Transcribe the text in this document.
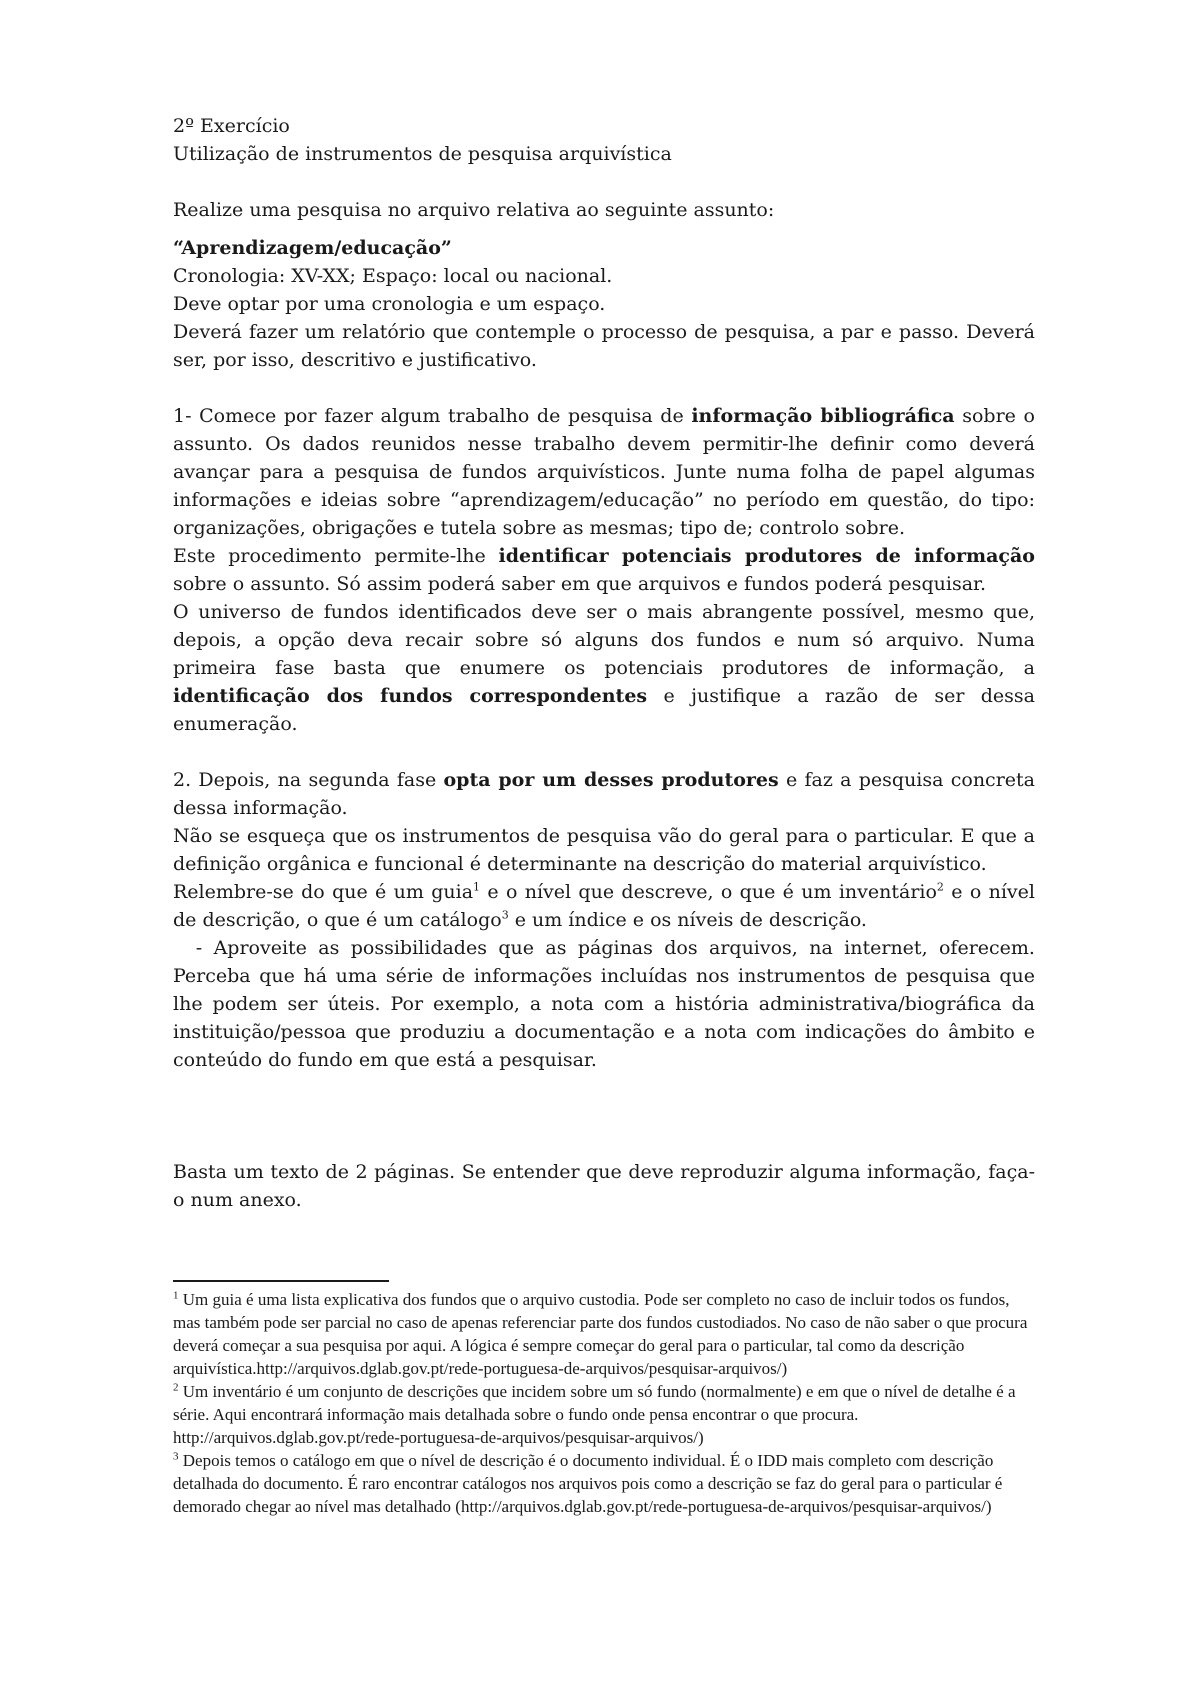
2º Exercício
Utilização de instrumentos de pesquisa arquivística
Realize uma pesquisa no arquivo relativa ao seguinte assunto:
“Aprendizagem/educação”
Cronologia: XV-XX; Espaço: local ou nacional.
Deve optar por uma cronologia e um espaço.

Deverá fazer um relatório que contemple o processo de pesquisa, a par e passo. Deverá ser, por isso, descritivo e justificativo.

1- Comece por fazer algum trabalho de pesquisa de informação bibliográfica sobre o assunto. Os dados reunidos nesse trabalho devem permitir-lhe definir como deverá avançar para a pesquisa de fundos arquivísticos. Junte numa folha de papel algumas informações e ideias sobre “aprendizagem/educação” no período em questão, do tipo: organizações, obrigações e tutela sobre as mesmas; tipo de; controlo sobre.

Este procedimento permite-lhe identificar potenciais produtores de informação sobre o assunto. Só assim poderá saber em que arquivos e fundos poderá pesquisar.

O universo de fundos identificados deve ser o mais abrangente possível, mesmo que, depois, a opção deva recair sobre só alguns dos fundos e num só arquivo. Numa primeira fase basta que enumere os potenciais produtores de informação, a identificação dos fundos correspondentes e justifique a razão de ser dessa enumeração.

2. Depois, na segunda fase opta por um desses produtores e faz a pesquisa concreta dessa informação.

Não se esqueça que os instrumentos de pesquisa vão do geral para o particular. E que a definição orgânica e funcional é determinante na descrição do material arquivístico.

Relembre-se do que é um guia$^1$ e o nível que descreve, o que é um inventário$^2$ e o nível de descrição, o que é um catálogo$^3$ e um índice e os níveis de descrição.

- Aproveite as possibilidades que as páginas dos arquivos, na internet, oferecem. Perceba que há uma série de informações incluídas nos instrumentos de pesquisa que lhe podem ser úteis. Por exemplo, a nota com a história administrativa/biográfica da instituição/pessoa que produziu a documentação e a nota com indicações do âmbito e conteúdo do fundo em que está a pesquisar.

Basta um texto de 2 páginas. Se entender que deve reproduzir alguma informação, faça-o num anexo.

$^1$ Um guia é uma lista explicativa dos fundos que o arquivo custodia. Pode ser completo no caso de incluir todos os fundos, mas também pode ser parcial no caso de apenas referenciar parte dos fundos custodiados. No caso de não saber o que procura deverá começar a sua pesquisa por aqui. A lógica é sempre começar do geral para o particular, tal como da descrição arquivística.http://arquivos.dglab.gov.pt/rede-portuguesa-de-arquivos/pesquisar-arquivos/)

$^2$ Um inventário é um conjunto de descrições que incidem sobre um só fundo (normalmente) e em que o nível de detalhe é a série. Aqui encontrará informação mais detalhada sobre o fundo onde pensa encontrar o que procura. http://arquivos.dglab.gov.pt/rede-portuguesa-de-arquivos/pesquisar-arquivos/)

$^3$ Depois temos o catálogo em que o nível de descrição é o documento individual. É o IDD mais completo com descrição detalhada do documento. É raro encontrar catálogos nos arquivos pois como a descrição se faz do geral para o particular é demorado chegar ao nível mas detalhado (http://arquivos.dglab.gov.pt/rede-portuguesa-de-arquivos/pesquisar-arquivos/)
